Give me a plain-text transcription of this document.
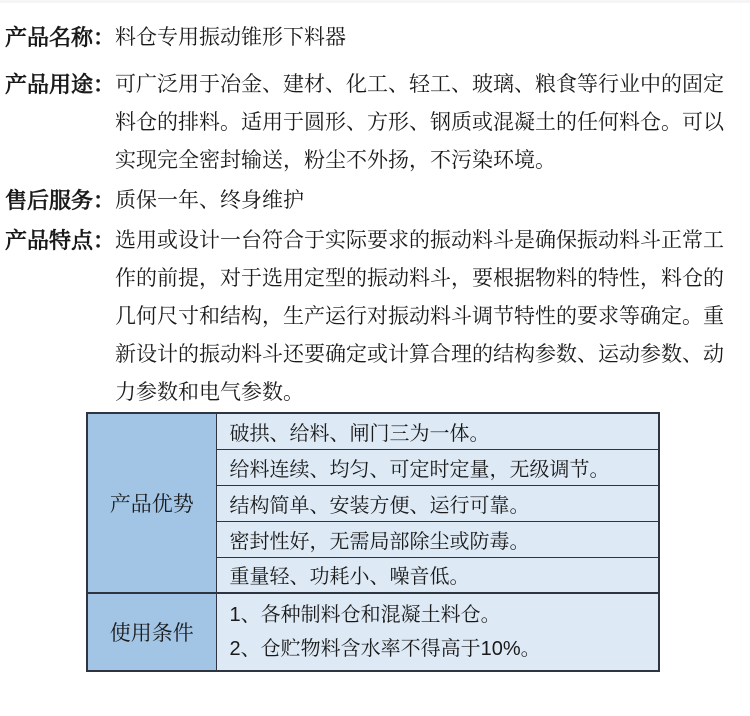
产品名称： 料仓专用振动锥形下料器
产品用途： 可广泛用于冶金、建材、化工、轻工、玻璃、粮食等行业中的固定料仓的排料。适用于圆形、方形、钢质或混凝土的任何料仓。可以实现完全密封输送，粉尘不外扬，不污染环境。
售后服务： 质保一年、终身维护
产品特点： 选用或设计一台符合于实际要求的振动料斗是确保振动料斗正常工作的前提，对于选用定型的振动料斗，要根据物料的特性，料仓的几何尺寸和结构，生产运行对振动料斗调节特性的要求等确定。重新设计的振动料斗还要确定或计算合理的结构参数、运动参数、动力参数和电气参数。
产品优势	破拱、给料、闸门三为一体。
	给料连续、均匀、可定时定量，无级调节。
	结构简单、安装方便、运行可靠。
	密封性好，无需局部除尘或防毒。
	重量轻、功耗小、噪音低。
使用条件	1、各种制料仓和混凝土料仓。
2、仓贮物料含水率不得高于10%。
